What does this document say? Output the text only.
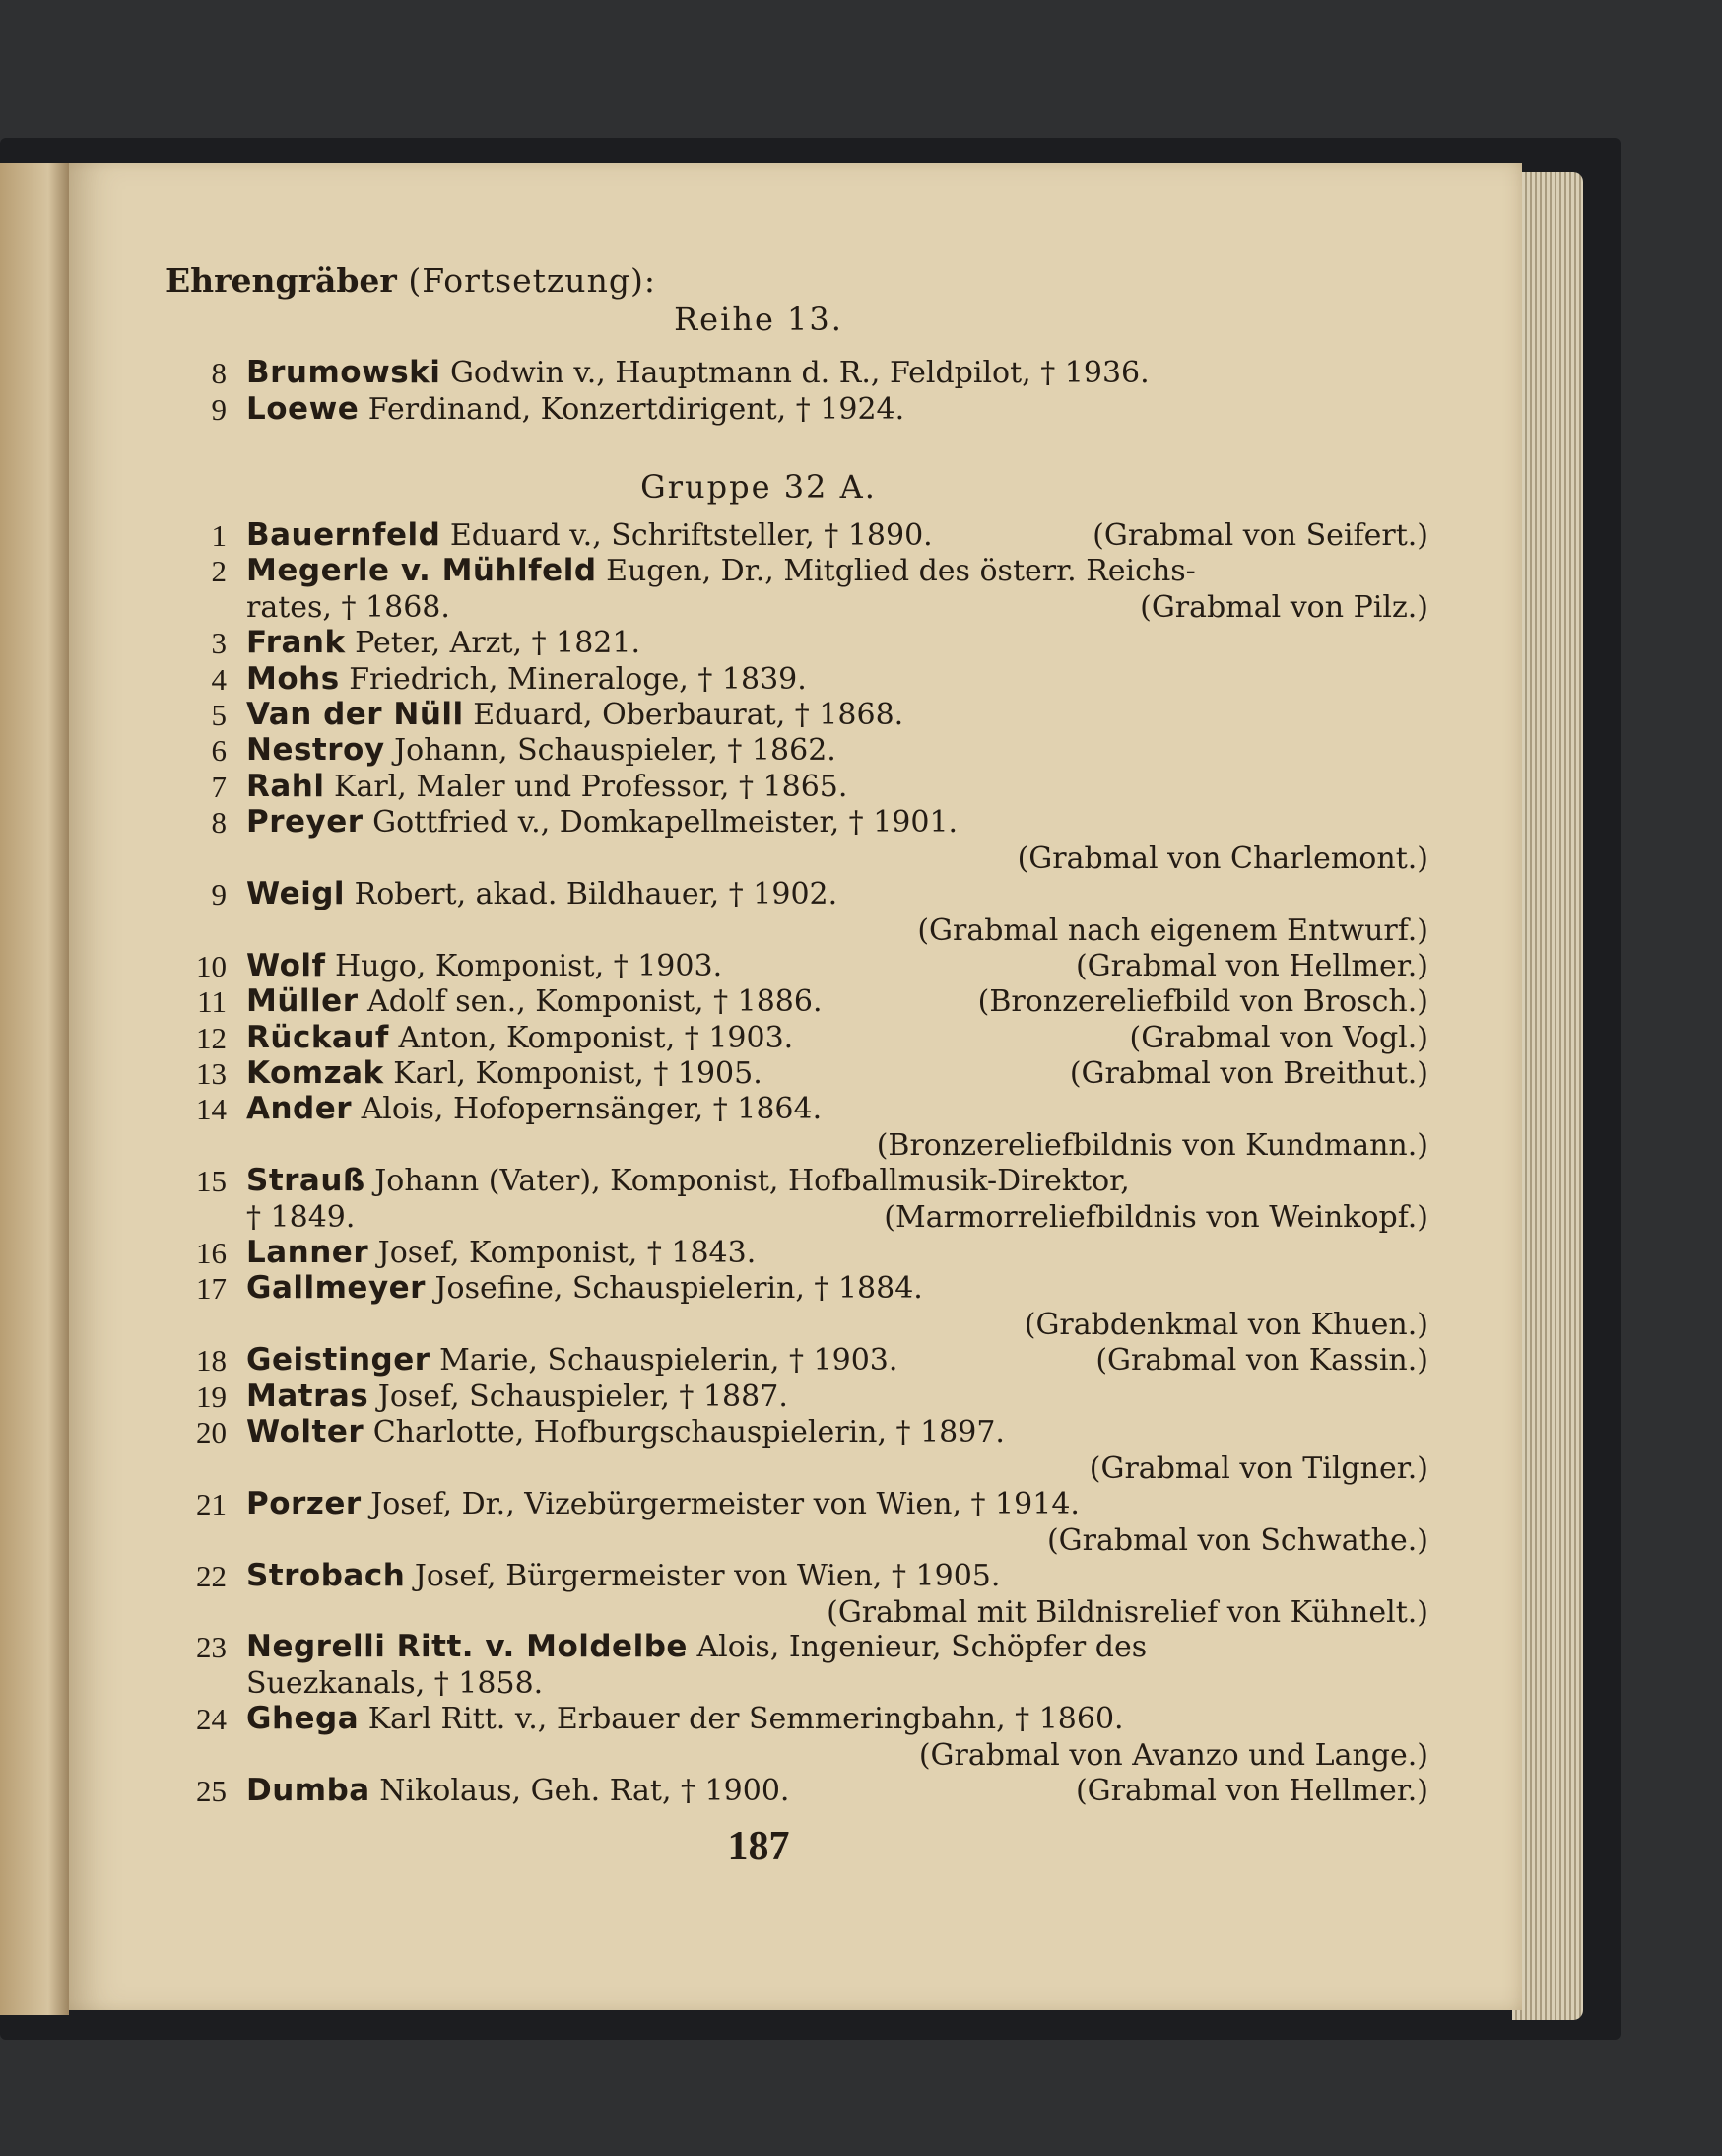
Ehrengräber (Fortsetzung):
Reihe 13.
8 Brumowski Godwin v., Hauptmann d. R., Feldpilot, † 1936.
9 Loewe Ferdinand, Konzertdirigent, † 1924.
Gruppe 32 A.
1 Bauernfeld Eduard v., Schriftsteller, † 1890.	(Grabmal von Seifert.)
2 Megerle v. Mühlfeld Eugen, Dr., Mitglied des österr. Reichs-
rates, † 1868.	(Grabmal von Pilz.)
3 Frank Peter, Arzt, † 1821.
4 Mohs Friedrich, Mineraloge, † 1839.
5 Van der Nüll Eduard, Oberbaurat, † 1868.
6 Nestroy Johann, Schauspieler, † 1862.
7 Rahl Karl, Maler und Professor, † 1865.
8 Preyer Gottfried v., Domkapellmeister, † 1901.
(Grabmal von Charlemont.)
9 Weigl Robert, akad. Bildhauer, † 1902.
(Grabmal nach eigenem Entwurf.)
10 Wolf Hugo, Komponist, † 1903.	(Grabmal von Hellmer.)
11 Müller Adolf sen., Komponist, † 1886.	(Bronzereliefbild von Brosch.)
12 Rückauf Anton, Komponist, † 1903.	(Grabmal von Vogl.)
13 Komzak Karl, Komponist, † 1905.	(Grabmal von Breithut.)
14 Ander Alois, Hofopernsänger, † 1864.
(Bronzereliefbildnis von Kundmann.)
15 Strauß Johann (Vater), Komponist, Hofballmusik-Direktor,
† 1849.	(Marmorreliefbildnis von Weinkopf.)
16 Lanner Josef, Komponist, † 1843.
17 Gallmeyer Josefine, Schauspielerin, † 1884.
(Grabdenkmal von Khuen.)
18 Geistinger Marie, Schauspielerin, † 1903.	(Grabmal von Kassin.)
19 Matras Josef, Schauspieler, † 1887.
20 Wolter Charlotte, Hofburgschauspielerin, † 1897.
(Grabmal von Tilgner.)
21 Porzer Josef, Dr., Vizebürgermeister von Wien, † 1914.
(Grabmal von Schwathe.)
22 Strobach Josef, Bürgermeister von Wien, † 1905.
(Grabmal mit Bildnisrelief von Kühnelt.)
23 Negrelli Ritt. v. Moldelbe Alois, Ingenieur, Schöpfer des
Suezkanals, † 1858.
24 Ghega Karl Ritt. v., Erbauer der Semmeringbahn, † 1860.
(Grabmal von Avanzo und Lange.)
25 Dumba Nikolaus, Geh. Rat, † 1900.	(Grabmal von Hellmer.)
187
